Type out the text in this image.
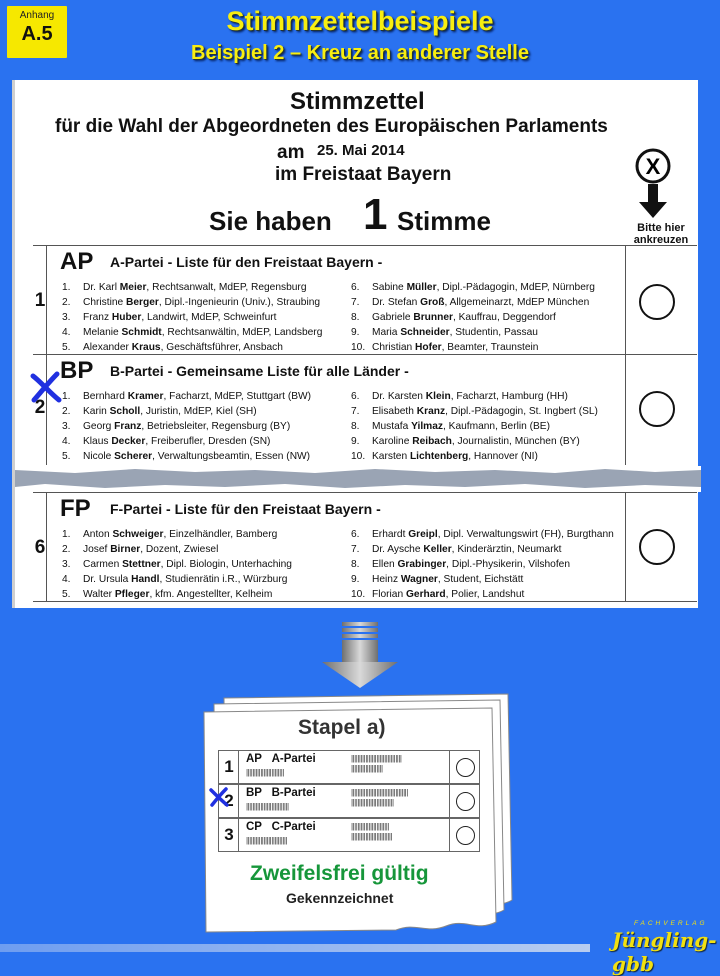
Anhang
A.5	Stimmzettelbeispiele
Beispiel 2 – Kreuz an anderer Stelle
Stimmzettel
für die Wahl der Abgeordneten des Europäischen Parlaments
am 25. Mai 2014
im Freistaat Bayern
Sie haben 1 Stimme
X
Bitte hier
ankreuzen
1
AP A-Partei - Liste für den Freistaat Bayern -
1. Dr. Karl Meier, Rechtsanwalt, MdEP, Regensburg
2. Christine Berger, Dipl.-Ingenieurin (Univ.), Straubing
3. Franz Huber, Landwirt, MdEP, Schweinfurt
4. Melanie Schmidt, Rechtsanwältin, MdEP, Landsberg
5. Alexander Kraus, Geschäftsführer, Ansbach
6. Sabine Müller, Dipl.-Pädagogin, MdEP, Nürnberg
7. Dr. Stefan Groß, Allgemeinarzt, MdEP München
8. Gabriele Brunner, Kauffrau, Deggendorf
9. Maria Schneider, Studentin, Passau
10. Christian Hofer, Beamter, Traunstein
2
BP B-Partei - Gemeinsame Liste für alle Länder -
1. Bernhard Kramer, Facharzt, MdEP, Stuttgart (BW)
2. Karin Scholl, Juristin, MdEP, Kiel (SH)
3. Georg Franz, Betriebsleiter, Regensburg (BY)
4. Klaus Decker, Freiberufler, Dresden (SN)
5. Nicole Scherer, Verwaltungsbeamtin, Essen (NW)
6. Dr. Karsten Klein, Facharzt, Hamburg (HH)
7. Elisabeth Kranz, Dipl.-Pädagogin, St. Ingbert (SL)
8. Mustafa Yilmaz, Kaufmann, Berlin (BE)
9. Karoline Reibach, Journalistin, München (BY)
10. Karsten Lichtenberg, Hannover (NI)
6
FP F-Partei - Liste für den Freistaat Bayern -
1. Anton Schweiger, Einzelhändler, Bamberg
2. Josef Birner, Dozent, Zwiesel
3. Carmen Stettner, Dipl. Biologin, Unterhaching
4. Dr. Ursula Handl, Studienrätin i.R., Würzburg
5. Walter Pfleger, kfm. Angestellter, Kelheim
6. Erhardt Greipl, Dipl. Verwaltungswirt (FH), Burgthann
7. Dr. Aysche Keller, Kinderärztin, Neumarkt
8. Ellen Grabinger, Dipl.-Physikerin, Vilshofen
9. Heinz Wagner, Student, Eichstätt
10. Florian Gerhard, Polier, Landshut
Stapel a)
1 AP A-Partei
||||||||||||||||||||||||
||||||||||||||||||||||||||||||||
||||||||||||||||||||
2 BP B-Partei
|||||||||||||||||||||||||||
||||||||||||||||||||||||||||||||||||
|||||||||||||||||||||||||||
3 CP C-Partei
||||||||||||||||||||||||||
||||||||||||||||||||||||
||||||||||||||||||||||||||
Zweifelsfrei gültig
Gekennzeichnet
FACHVERLAG
Jüngling-gbb
